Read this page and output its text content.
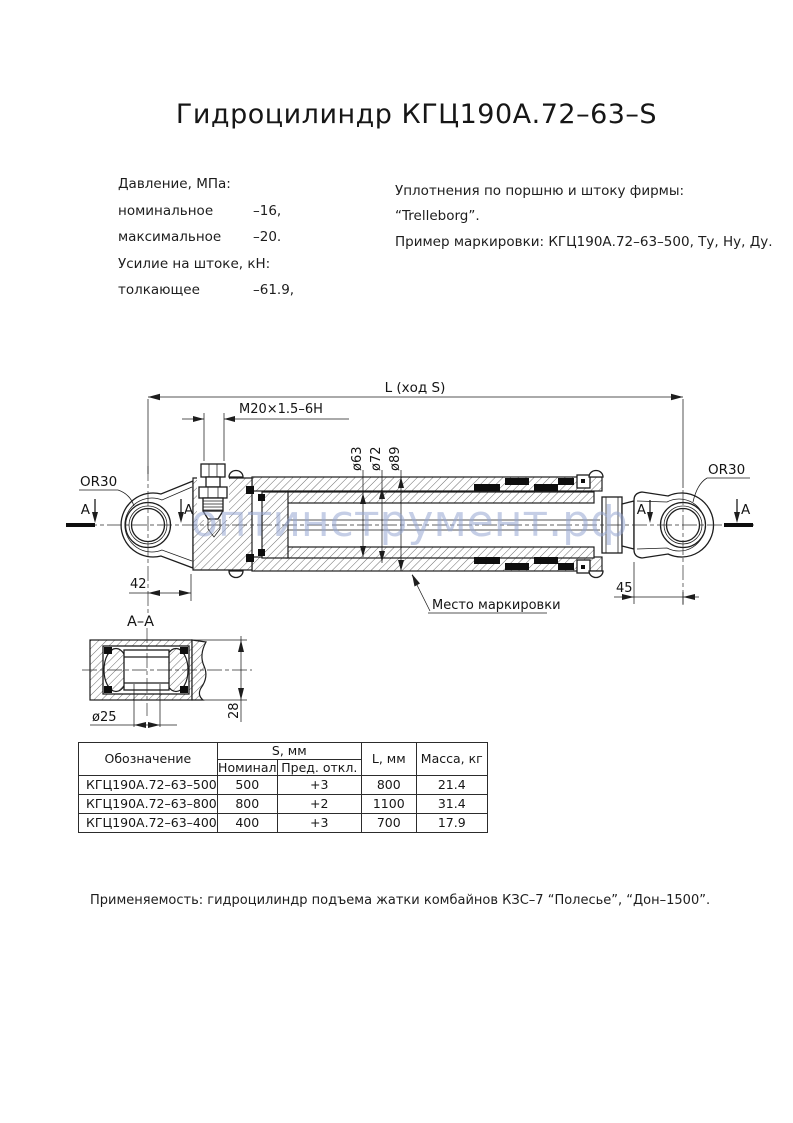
Гидроцилиндр КГЦ190А.72–63–S
Давление, МПа:
номинальное	–16,
максимальное	–20.
Усилие на штоке, кН:
толкающее	–61.9,
Уплотнения по поршню и штоку фирмы:
“Trelleborg”.
Пример маркировки: КГЦ190А.72–63–500, Ту, Ну, Ду.
L (ход S)
M20×1.5–6H
ø63 ø72 ø89
42	45
OR30
OR30
A	A	A	A
Место маркировки
A–A
ø25	28
оптинструмент.рф
Обозначение	S, мм		L, мм	Масса, кг
	Номинал	Пред. откл.		
КГЦ190А.72–63–500	500	+3	800	21.4
КГЦ190А.72–63–800	800	+2	1100	31.4
КГЦ190А.72–63–400	400	+3	700	17.9
Применяемость: гидроцилиндр подъема жатки комбайнов КЗС–7 “Полесье”, “Дон–1500”.
